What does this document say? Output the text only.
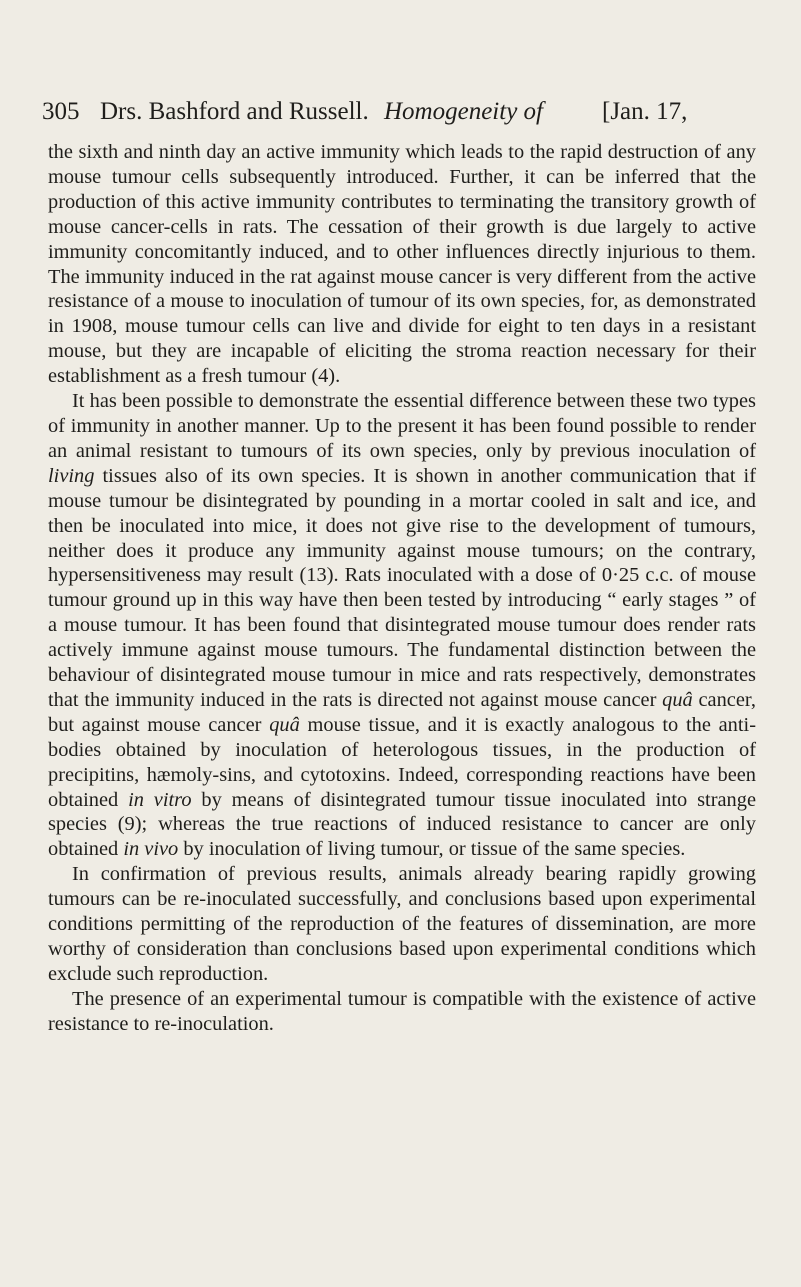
305 Drs. Bashford and Russell. Homogeneity of [Jan. 17,

the sixth and ninth day an active immunity which leads to the rapid destruction of any mouse tumour cells subsequently introduced. Further, it can be inferred that the production of this active immunity contributes to terminating the transitory growth of mouse cancer-cells in rats. The cessation of their growth is due largely to active immunity concomitantly induced, and to other influences directly injurious to them. The immunity induced in the rat against mouse cancer is very different from the active resistance of a mouse to inoculation of tumour of its own species, for, as demonstrated in 1908, mouse tumour cells can live and divide for eight to ten days in a resistant mouse, but they are incapable of eliciting the stroma reaction necessary for their establishment as a fresh tumour (4).

It has been possible to demonstrate the essential difference between these two types of immunity in another manner. Up to the present it has been found possible to render an animal resistant to tumours of its own species, only by previous inoculation of living tissues also of its own species. It is shown in another communication that if mouse tumour be disintegrated by pounding in a mortar cooled in salt and ice, and then be inoculated into mice, it does not give rise to the development of tumours, neither does it produce any immunity against mouse tumours; on the contrary, hypersensitiveness may result (13). Rats inoculated with a dose of 0·25 c.c. of mouse tumour ground up in this way have then been tested by introducing “ early stages ” of a mouse tumour. It has been found that disintegrated mouse tumour does render rats actively immune against mouse tumours. The fundamental distinction between the behaviour of disintegrated mouse tumour in mice and rats respectively, demonstrates that the immunity induced in the rats is directed not against mouse cancer quâ cancer, but against mouse cancer quâ mouse tissue, and it is exactly analogous to the anti-bodies obtained by inoculation of heterologous tissues, in the production of precipitins, hæmoly-sins, and cytotoxins. Indeed, corresponding reactions have been obtained in vitro by means of disintegrated tumour tissue inoculated into strange species (9); whereas the true reactions of induced resistance to cancer are only obtained in vivo by inoculation of living tumour, or tissue of the same species.

In confirmation of previous results, animals already bearing rapidly growing tumours can be re-inoculated successfully, and conclusions based upon experimental conditions permitting of the reproduction of the features of dissemination, are more worthy of consideration than conclusions based upon experimental conditions which exclude such reproduction.

The presence of an experimental tumour is compatible with the existence of active resistance to re-inoculation.
